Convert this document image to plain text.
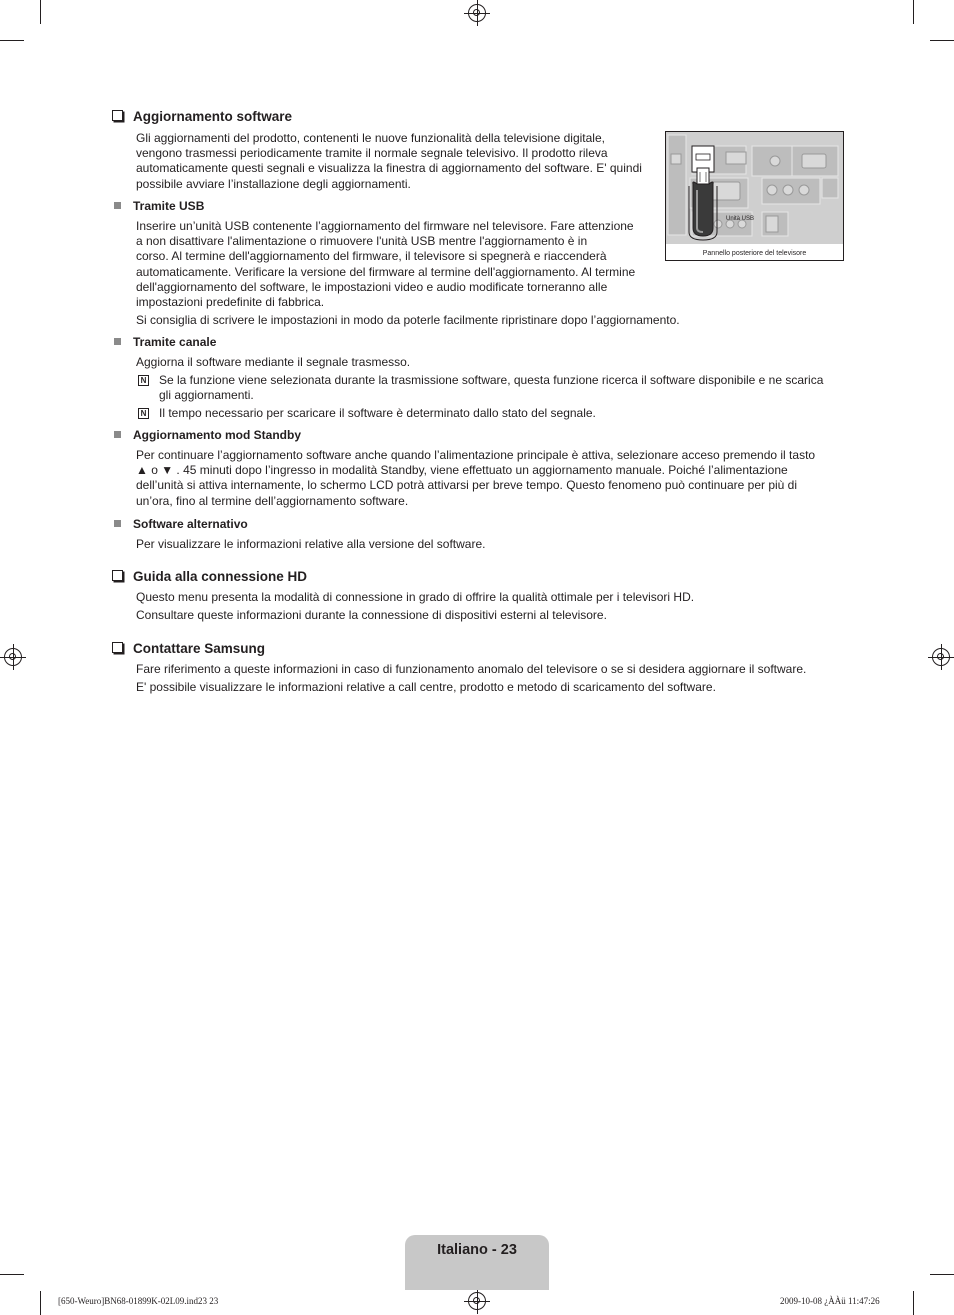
Aggiornamento software

Gli aggiornamenti del prodotto, contenenti le nuove funzionalità della televisione digitale,

vengono trasmessi periodicamente tramite il normale segnale televisivo. Il prodotto rileva

automaticamente questi segnali e visualizza la finestra di aggiornamento del software. E' quindi

possibile avviare l’installazione degli aggiornamenti.

Unità USB
Pannello posteriore del televisore
Tramite USB

Inserire un’unità USB contenente l’aggiornamento del firmware nel televisore. Fare attenzione

a non disattivare l'alimentazione o rimuovere l'unità USB mentre l'aggiornamento è in

corso. Al termine dell'aggiornamento del firmware, il televisore si spegnerà e riaccenderà

automaticamente. Verificare la versione del firmware al termine dell'aggiornamento. Al termine

dell'aggiornamento del software, le impostazioni video e audio modificate torneranno alle

impostazioni predefinite di fabbrica.

Si consiglia di scrivere le impostazioni in modo da poterle facilmente ripristinare dopo l’aggiornamento.

Tramite canale

Aggiorna il software mediante il segnale trasmesso.

N Se la funzione viene selezionata durante la trasmissione software, questa funzione ricerca il software disponibile e ne scarica

gli aggiornamenti.

N Il tempo necessario per scaricare il software è determinato dallo stato del segnale.

Aggiornamento mod Standby

Per continuare l’aggiornamento software anche quando l’alimentazione principale è attiva, selezionare acceso premendo il tasto

▲ o ▼ . 45 minuti dopo l’ingresso in modalità Standby, viene effettuato un aggiornamento manuale. Poiché l’alimentazione

dell’unità si attiva internamente, lo schermo LCD potrà attivarsi per breve tempo. Questo fenomeno può continuare per più di

un’ora, fino al termine dell’aggiornamento software.

Software alternativo

Per visualizzare le informazioni relative alla versione del software.

Guida alla connessione HD

Questo menu presenta la modalità di connessione in grado di offrire la qualità ottimale per i televisori HD.

Consultare queste informazioni durante la connessione di dispositivi esterni al televisore.

Contattare Samsung

Fare riferimento a queste informazioni in caso di funzionamento anomalo del televisore o se si desidera aggiornare il software.

E' possibile visualizzare le informazioni relative a call centre, prodotto e metodo di scaricamento del software.

Italiano - 23
[650-Weuro]BN68-01899K-02L09.ind23 23	2009-10-08 ¿ÀÀü 11:47:26
